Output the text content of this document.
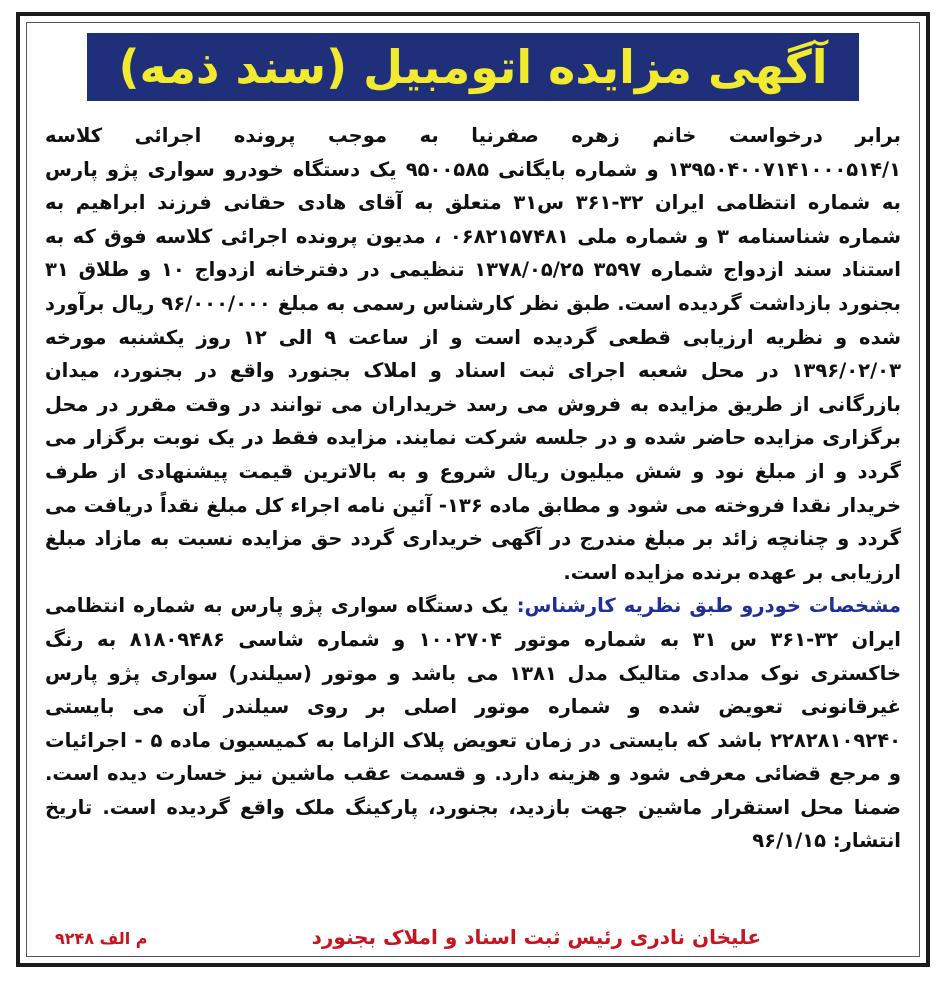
آگهی مزایده اتومبیل (سند ذمه)

برابر درخواست خانم زهره صفرنیا به موجب پرونده اجرائی کلاسه ۱۳۹۵۰۴۰۰۷۱۴۱۰۰۰۵۱۴/۱ و شماره بایگانی ۹۵۰۰۵۸۵ یک دستگاه خودرو سواری پژو پارس به شماره انتظامی ایران ۳۲-۳۶۱ س۳۱ متعلق به آقای هادی حقانی فرزند ابراهیم به شماره شناسنامه ۳ و شماره ملی ۰۶۸۲۱۵۷۴۸۱ ، مدیون پرونده اجرائی کلاسه فوق که به استناد سند ازدواج شماره ۳۵۹۷ ۱۳۷۸/۰۵/۲۵ تنظیمی در دفترخانه ازدواج ۱۰ و طلاق ۳۱ بجنورد بازداشت گردیده است. طبق نظر کارشناس رسمی به مبلغ ۹۶/۰۰۰/۰۰۰ ریال برآورد شده و نظریه ارزیابی قطعی گردیده است و از ساعت ۹ الی ۱۲ روز یکشنبه مورخه ۱۳۹۶/۰۲/۰۳ در محل شعبه اجرای ثبت اسناد و املاک بجنورد واقع در بجنورد، میدان بازرگانی از طریق مزایده به فروش می رسد خریداران می توانند در وقت مقرر در محل برگزاری مزایده حاضر شده و در جلسه شرکت نمایند. مزایده فقط در یک نوبت برگزار می گردد و از مبلغ نود و شش میلیون ریال شروع و به بالاترین قیمت پیشنهادی از طرف خریدار نقدا فروخته می شود و مطابق ماده ۱۳۶- آئین نامه اجراء کل مبلغ نقداً دریافت می گردد و چنانچه زائد بر مبلغ مندرج در آگهی خریداری گردد حق مزایده نسبت به مازاد مبلغ ارزیابی بر عهده برنده مزایده است.

مشخصات خودرو طبق نظریه کارشناس: یک دستگاه سواری پژو پارس به شماره انتظامی ایران ۳۲-۳۶۱ س ۳۱ به شماره موتور ۱۰۰۲۷۰۴ و شماره شاسی ۸۱۸۰۹۴۸۶ به رنگ خاکستری نوک مدادی متالیک مدل ۱۳۸۱ می باشد و موتور (سیلندر) سواری پژو پارس غیرقانونی تعویض شده و شماره موتور اصلی بر روی سیلندر آن می بایستی ۲۲۸۲۸۱۰۹۲۴۰ باشد که بایستی در زمان تعویض پلاک الزاما به کمیسیون ماده ۵ - اجرائیات و مرجع قضائی معرفی شود و هزینه دارد. و قسمت عقب ماشین نیز خسارت دیده است. ضمنا محل استقرار ماشین جهت بازدید، بجنورد، پارکینگ ملک واقع گردیده است. تاریخ انتشار: ۹۶/۱/۱۵

علیخان نادری رئیس ثبت اسناد و املاک بجنورد
م الف ۹۲۴۸
